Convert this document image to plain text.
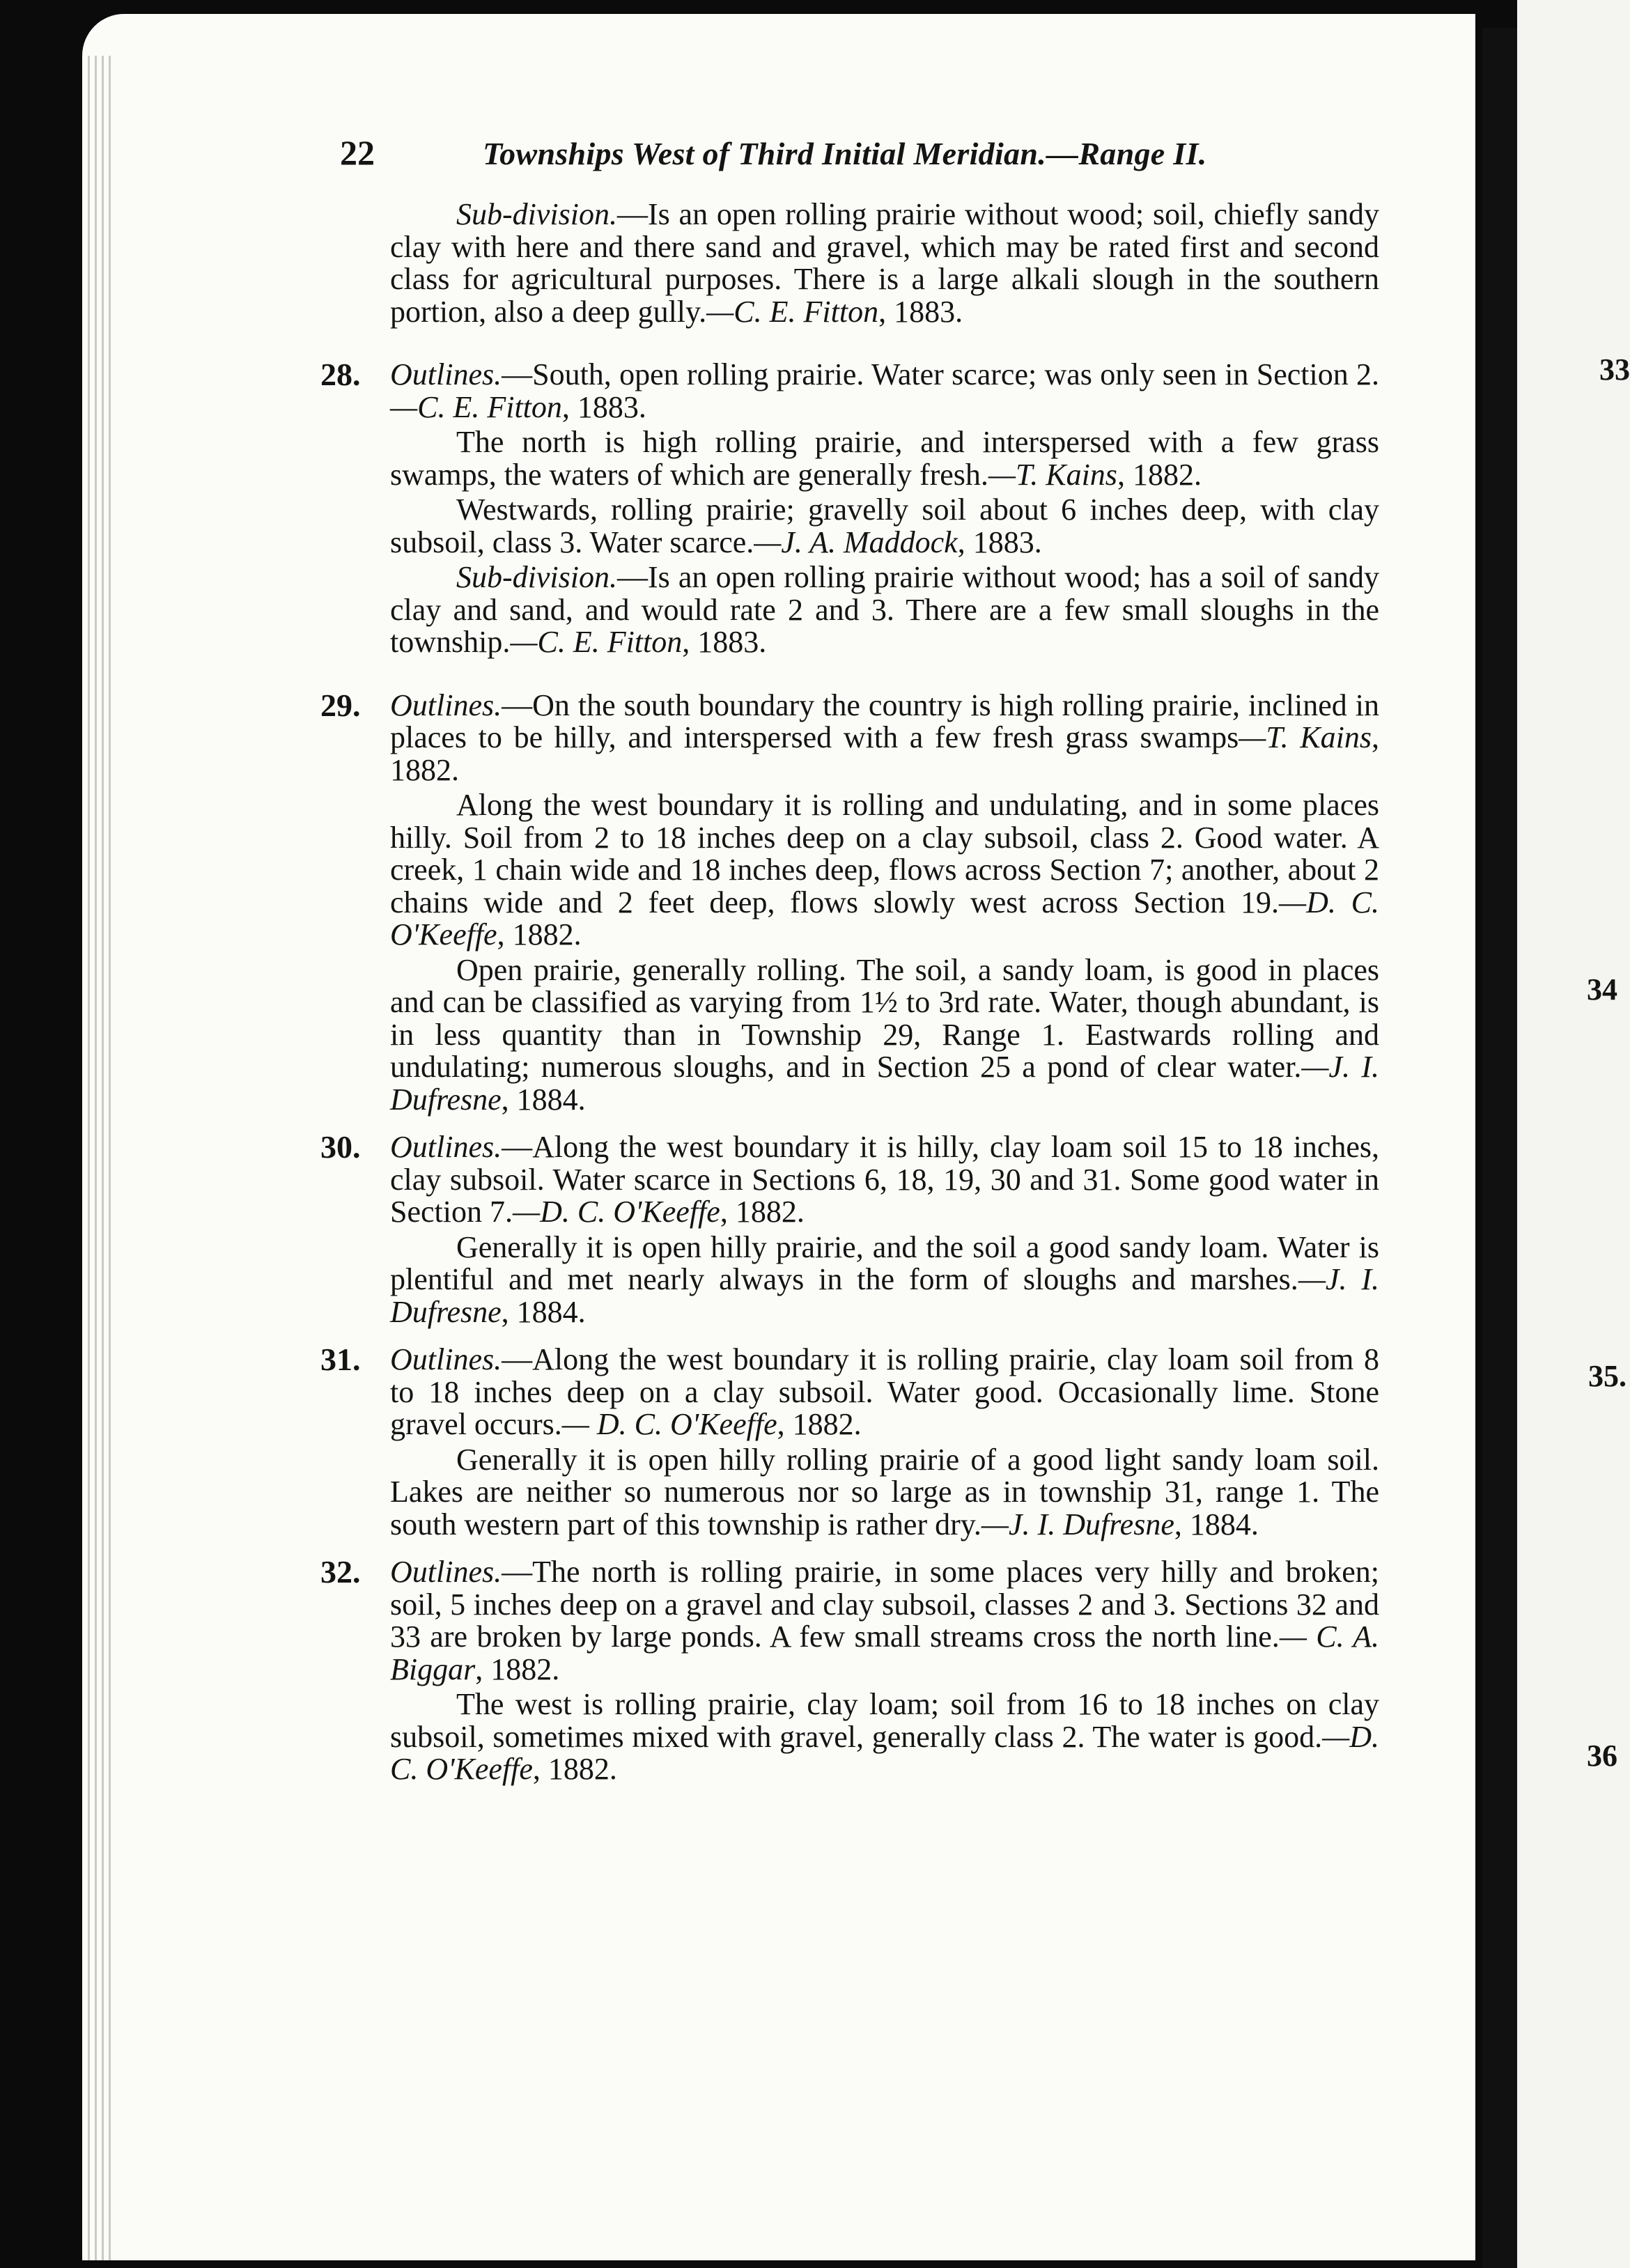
33
34
35.
36
22	Townships West of Third Initial Meridian.—Range II.

Sub-division.—Is an open rolling prairie without wood; soil, chiefly sandy clay with here and there sand and gravel, which may be rated first and second class for agricultural purposes. There is a large alkali slough in the southern portion, also a deep gully.—C. E. Fitton, 1883.

28. Outlines.—South, open rolling prairie. Water scarce; was only seen in Section 2.—C. E. Fitton, 1883.

The north is high rolling prairie, and interspersed with a few grass swamps, the waters of which are generally fresh.—T. Kains, 1882.

Westwards, rolling prairie; gravelly soil about 6 inches deep, with clay subsoil, class 3. Water scarce.—J. A. Maddock, 1883.

Sub-division.—Is an open rolling prairie without wood; has a soil of sandy clay and sand, and would rate 2 and 3. There are a few small sloughs in the township.—C. E. Fitton, 1883.

29. Outlines.—On the south boundary the country is high rolling prairie, inclined in places to be hilly, and interspersed with a few fresh grass swamps—T. Kains, 1882.

Along the west boundary it is rolling and undulating, and in some places hilly. Soil from 2 to 18 inches deep on a clay subsoil, class 2. Good water. A creek, 1 chain wide and 18 inches deep, flows across Section 7; another, about 2 chains wide and 2 feet deep, flows slowly west across Section 19.—D. C. O'Keeffe, 1882.

Open prairie, generally rolling. The soil, a sandy loam, is good in places and can be classified as varying from 1½ to 3rd rate. Water, though abundant, is in less quantity than in Township 29, Range 1. Eastwards rolling and undulating; numerous sloughs, and in Section 25 a pond of clear water.—J. I. Dufresne, 1884.

30. Outlines.—Along the west boundary it is hilly, clay loam soil 15 to 18 inches, clay subsoil. Water scarce in Sections 6, 18, 19, 30 and 31. Some good water in Section 7.—D. C. O'Keeffe, 1882.

Generally it is open hilly prairie, and the soil a good sandy loam. Water is plentiful and met nearly always in the form of sloughs and marshes.—J. I. Dufresne, 1884.

31. Outlines.—Along the west boundary it is rolling prairie, clay loam soil from 8 to 18 inches deep on a clay subsoil. Water good. Occasionally lime. Stone gravel occurs.— D. C. O'Keeffe, 1882.

Generally it is open hilly rolling prairie of a good light sandy loam soil. Lakes are neither so numerous nor so large as in township 31, range 1. The south western part of this township is rather dry.—J. I. Dufresne, 1884.

32. Outlines.—The north is rolling prairie, in some places very hilly and broken; soil, 5 inches deep on a gravel and clay subsoil, classes 2 and 3. Sections 32 and 33 are broken by large ponds. A few small streams cross the north line.— C. A. Biggar, 1882.

The west is rolling prairie, clay loam; soil from 16 to 18 inches on clay subsoil, sometimes mixed with gravel, generally class 2. The water is good.—D. C. O'Keeffe, 1882.
